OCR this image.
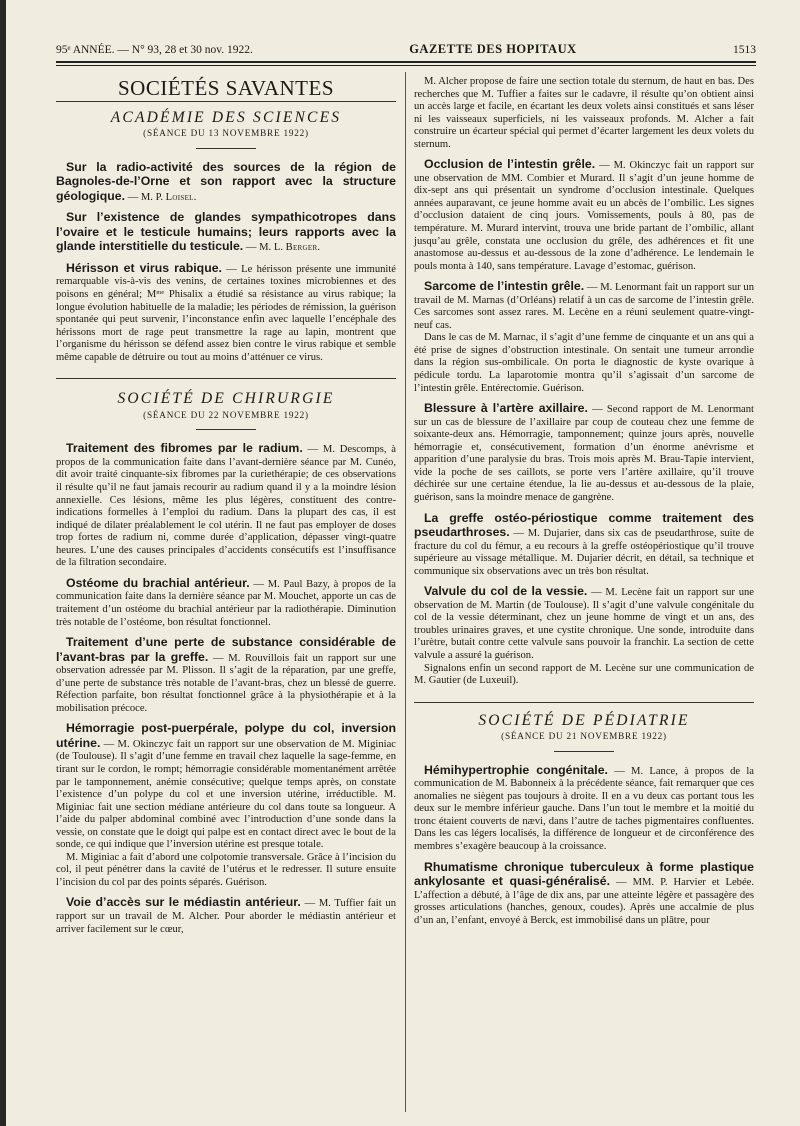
95ᵉ ANNÉE. — N° 93, 28 et 30 nov. 1922.	GAZETTE DES HOPITAUX	1513
SOCIÉTÉS SAVANTES
ACADÉMIE DES SCIENCES
(SÉANCE DU 13 NOVEMBRE 1922)

Sur la radio-activité des sources de la région de Bagnoles-de-l’Orne et son rapport avec la structure géologique. — M. P. Loisel.

Sur l’existence de glandes sympathicotropes dans l’ovaire et le testicule humains; leurs rapports avec la glande interstitielle du testicule. — M. L. Berger.

Hérisson et virus rabique. — Le hérisson présente une immunité remarquable vis-à-vis des venins, de certaines toxines microbiennes et des poisons en général; Mᵐᵉ Phisalix a étudié sa résistance au virus rabique; la longue évolution habituelle de la maladie; les périodes de rémission, la guérison spontanée qui peut survenir, l’inconstance enfin avec laquelle l’encéphale des hérissons mort de rage peut transmettre la rage au lapin, montrent que l’organisme du hérisson se défend assez bien contre le virus rabique et semble même capable de détruire ou tout au moins d’atténuer ce virus.

SOCIÉTÉ DE CHIRURGIE
(SÉANCE DU 22 NOVEMBRE 1922)

Traitement des fibromes par le radium. — M. Descomps, à propos de la communication faite dans l’avant-dernière séance par M. Cunéo, dit avoir traité cinquante-six fibromes par la curiethérapie; de ces observations il résulte qu’il ne faut jamais recourir au radium quand il y a la moindre lésion annexielle. Ces lésions, même les plus légères, constituent des contre-indications formelles à l’emploi du radium. Dans la plupart des cas, il est indiqué de dilater préalablement le col utérin. Il ne faut pas employer de doses trop fortes de radium ni, comme durée d’application, dépasser vingt-quatre heures. L’une des causes principales d’accidents consécutifs est l’insuffisance de la filtration secondaire.

Ostéome du brachial antérieur. — M. Paul Bazy, à propos de la communication faite dans la dernière séance par M. Mouchet, apporte un cas de traitement d’un ostéome du brachial antérieur par la radiothérapie. Diminution très notable de l’ostéome, bon résultat fonctionnel.

Traitement d’une perte de substance considérable de l’avant-bras par la greffe. — M. Rouvillois fait un rapport sur une observation adressée par M. Plisson. Il s’agit de la réparation, par une greffe, d’une perte de substance très notable de l’avant-bras, chez un blessé de guerre. Réfection parfaite, bon résultat fonctionnel grâce à la physiothérapie et à la mobilisation précoce.

Hémorragie post-puerpérale, polype du col, inversion utérine. — M. Okinczyc fait un rapport sur une observation de M. Miginiac (de Toulouse). Il s’agit d’une femme en travail chez laquelle la sage-femme, en tirant sur le cordon, le rompt; hémorragie considérable momentanément arrêtée par le tamponnement, anémie consécutive; quelque temps après, on constate l’existence d’un polype du col et une inversion utérine, irréductible. M. Miginiac fait une section médiane antérieure du col dans toute sa longueur. A l’aide du palper abdominal combiné avec l’introduction d’une sonde dans la vessie, on constate que le doigt qui palpe est en contact direct avec le bout de la sonde, ce qui indique que l’inversion utérine est presque totale.

M. Miginiac a fait d’abord une colpotomie transversale. Grâce à l’incision du col, il peut pénétrer dans la cavité de l’utérus et le redresser. Il suture ensuite l’incision du col par des points séparés. Guérison.

Voie d’accès sur le médiastin antérieur. — M. Tuffier fait un rapport sur un travail de M. Alcher. Pour aborder le médiastin antérieur et arriver facilement sur le cœur,

M. Alcher propose de faire une section totale du sternum, de haut en bas. Des recherches que M. Tuffier a faites sur le cadavre, il résulte qu’on obtient ainsi un accès large et facile, en écartant les deux volets ainsi constitués et sans léser ni les vaisseaux superficiels, ni les vaisseaux profonds. M. Alcher a fait construire un écarteur spécial qui permet d’écarter largement les deux volets du sternum.

Occlusion de l’intestin grêle. — M. Okinczyc fait un rapport sur une observation de MM. Combier et Murard. Il s’agit d’un jeune homme de dix-sept ans qui présentait un syndrome d’occlusion intestinale. Quelques années auparavant, ce jeune homme avait eu un abcès de l’ombilic. Les signes d’occlusion dataient de cinq jours. Vomissements, pouls à 80, pas de température. M. Murard intervint, trouva une bride partant de l’ombilic, allant jusqu’au grêle, constata une occlusion du grêle, des adhérences et fit une anastomose au-dessus et au-dessous de la zone d’adhérence. Le lendemain le pouls monta à 140, sans température. Lavage d’estomac, guérison.

Sarcome de l’intestin grêle. — M. Lenormant fait un rapport sur un travail de M. Marnas (d’Orléans) relatif à un cas de sarcome de l’intestin grêle. Ces sarcomes sont assez rares. M. Lecène en a réuni seulement quatre-vingt-neuf cas.

Dans le cas de M. Marnac, il s’agit d’une femme de cinquante et un ans qui a été prise de signes d’obstruction intestinale. On sentait une tumeur arrondie dans la région sus-ombilicale. On porta le diagnostic de kyste ovarique à pédicule tordu. La laparotomie montra qu’il s’agissait d’un sarcome de l’intestin grêle. Entérectomie. Guérison.

Blessure à l’artère axillaire. — Second rapport de M. Lenormant sur un cas de blessure de l’axillaire par coup de couteau chez une femme de soixante-deux ans. Hémorragie, tamponnement; quinze jours après, nouvelle hémorragie et, consécutivement, formation d’un énorme anévrisme et apparition d’une paralysie du bras. Trois mois après M. Brau-Tapie intervient, vide la poche de ses caillots, se porte vers l’artère axillaire, qu’il trouve déchirée sur une certaine étendue, la lie au-dessus et au-dessous de la plaie, guérison, sans la moindre menace de gangrène.

La greffe ostéo-périostique comme traitement des pseudarthroses. — M. Dujarier, dans six cas de pseudarthrose, suite de fracture du col du fémur, a eu recours à la greffe ostéopériostique qu’il trouve supérieure au vissage métallique. M. Dujarier décrit, en détail, sa technique et communique six observations avec un très bon résultat.

Valvule du col de la vessie. — M. Lecène fait un rapport sur une observation de M. Martin (de Toulouse). Il s’agit d’une valvule congénitale du col de la vessie déterminant, chez un jeune homme de vingt et un ans, des troubles urinaires graves, et une cystite chronique. Une sonde, introduite dans l’urètre, butait contre cette valvule sans pouvoir la franchir. La section de cette valvule a assuré la guérison.

Signalons enfin un second rapport de M. Lecène sur une communication de M. Gautier (de Luxeuil).

SOCIÉTÉ DE PÉDIATRIE
(SÉANCE DU 21 NOVEMBRE 1922)

Hémihypertrophie congénitale. — M. Lance, à propos de la communication de M. Babonneix à la précédente séance, fait remarquer que ces anomalies ne siègent pas toujours à droite. Il en a vu deux cas portant tous les deux sur le membre inférieur gauche. Dans l’un tout le membre et la moitié du tronc étaient couverts de nævi, dans l’autre de taches pigmentaires confluentes. Dans les cas légers localisés, la différence de longueur et de circonférence des membres s’exagère beaucoup à la croissance.

Rhumatisme chronique tuberculeux à forme plastique ankylosante et quasi-généralisé. — MM. P. Harvier et Lebée. L’affection a débuté, à l’âge de dix ans, par une atteinte légère et passagère des grosses articulations (hanches, genoux, coudes). Après une accalmie de plus d’un an, l’enfant, envoyé à Berck, est immobilisé dans un plâtre, pour
